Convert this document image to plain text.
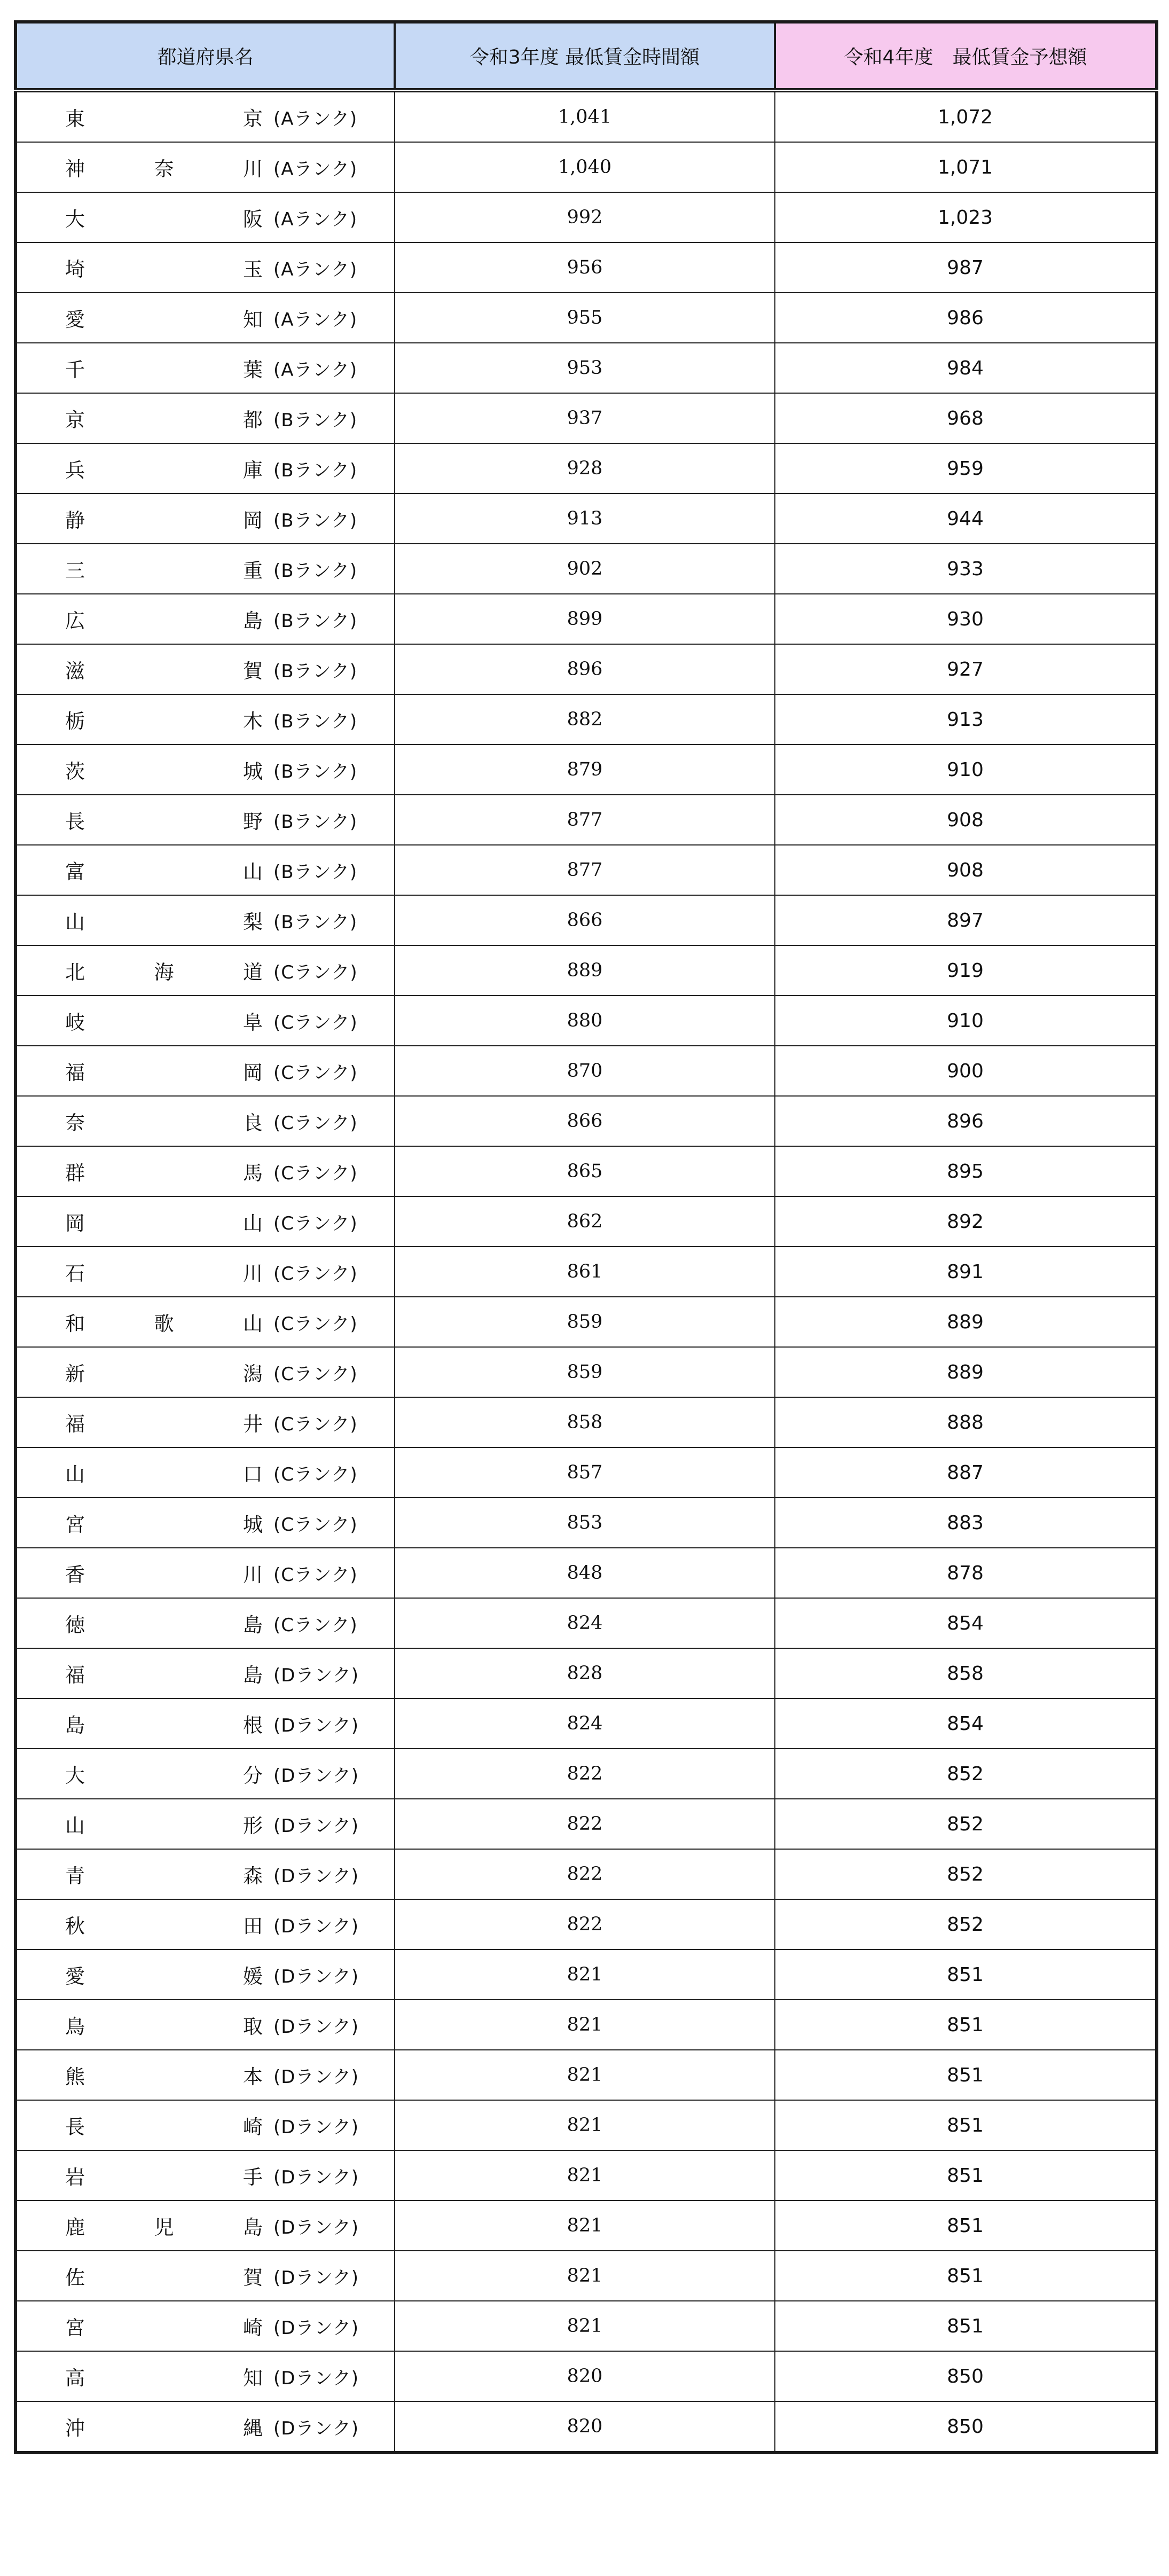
都道府県名	令和3年度 最低賃金時間額	令和4年度　最低賃金予想額

東 京 (Aランク)	1,041	1,072

神 奈 川 (Aランク)	1,040	1,071

大 阪 (Aランク)	992	1,023

埼 玉 (Aランク)	956	987

愛 知 (Aランク)	955	986

千 葉 (Aランク)	953	984

京 都 (Bランク)	937	968

兵 庫 (Bランク)	928	959

静 岡 (Bランク)	913	944

三 重 (Bランク)	902	933

広 島 (Bランク)	899	930

滋 賀 (Bランク)	896	927

栃 木 (Bランク)	882	913

茨 城 (Bランク)	879	910

長 野 (Bランク)	877	908

富 山 (Bランク)	877	908

山 梨 (Bランク)	866	897

北 海 道 (Cランク)	889	919

岐 阜 (Cランク)	880	910

福 岡 (Cランク)	870	900

奈 良 (Cランク)	866	896

群 馬 (Cランク)	865	895

岡 山 (Cランク)	862	892

石 川 (Cランク)	861	891

和 歌 山 (Cランク)	859	889

新 潟 (Cランク)	859	889

福 井 (Cランク)	858	888

山 口 (Cランク)	857	887

宮 城 (Cランク)	853	883

香 川 (Cランク)	848	878

徳 島 (Cランク)	824	854

福 島 (Dランク)	828	858

島 根 (Dランク)	824	854

大 分 (Dランク)	822	852

山 形 (Dランク)	822	852

青 森 (Dランク)	822	852

秋 田 (Dランク)	822	852

愛 媛 (Dランク)	821	851

鳥 取 (Dランク)	821	851

熊 本 (Dランク)	821	851

長 崎 (Dランク)	821	851

岩 手 (Dランク)	821	851

鹿 児 島 (Dランク)	821	851

佐 賀 (Dランク)	821	851

宮 崎 (Dランク)	821	851

高 知 (Dランク)	820	850

沖 縄 (Dランク)	820	850
